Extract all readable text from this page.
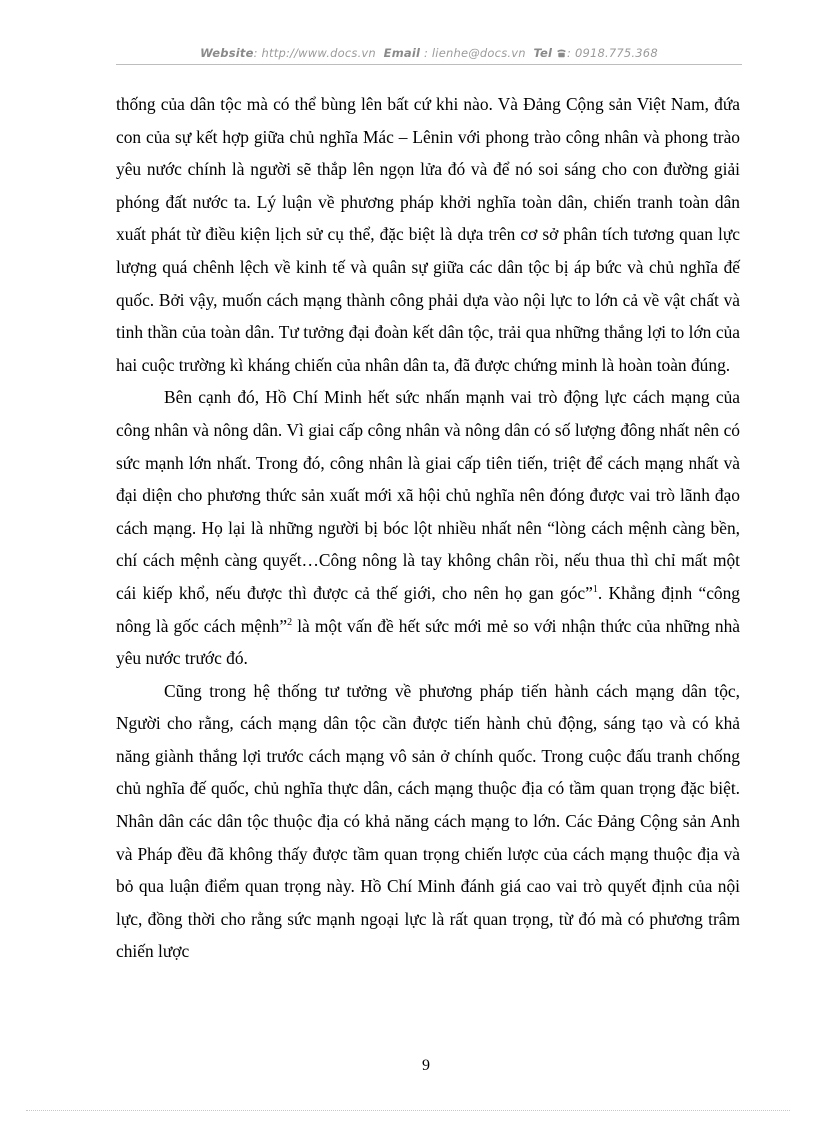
Website: http://www.docs.vn Email : lienhe@docs.vn Tel : 0918.775.368

thống của dân tộc mà có thể bùng lên bất cứ khi nào. Và Đảng Cộng sản Việt Nam, đứa con của sự kết hợp giữa chủ nghĩa Mác – Lênin với phong trào công nhân và phong trào yêu nước chính là người sẽ thắp lên ngọn lửa đó và để nó soi sáng cho con đường giải phóng đất nước ta. Lý luận về phương pháp khởi nghĩa toàn dân, chiến tranh toàn dân xuất phát từ điều kiện lịch sử cụ thể, đặc biệt là dựa trên cơ sở phân tích tương quan lực lượng quá chênh lệch về kinh tế và quân sự giữa các dân tộc bị áp bức và chủ nghĩa đế quốc. Bởi vậy, muốn cách mạng thành công phải dựa vào nội lực to lớn cả về vật chất và tinh thần của toàn dân. Tư tưởng đại đoàn kết dân tộc, trải qua những thắng lợi to lớn của hai cuộc trường kì kháng chiến của nhân dân ta, đã được chứng minh là hoàn toàn đúng.

Bên cạnh đó, Hồ Chí Minh hết sức nhấn mạnh vai trò động lực cách mạng của công nhân và nông dân. Vì giai cấp công nhân và nông dân có số lượng đông nhất nên có sức mạnh lớn nhất. Trong đó, công nhân là giai cấp tiên tiến, triệt để cách mạng nhất và đại diện cho phương thức sản xuất mới xã hội chủ nghĩa nên đóng được vai trò lãnh đạo cách mạng. Họ lại là những người bị bóc lột nhiều nhất nên “lòng cách mệnh càng bền, chí cách mệnh càng quyết…Công nông là tay không chân rồi, nếu thua thì chỉ mất một cái kiếp khổ, nếu được thì được cả thế giới, cho nên họ gan góc”$^1$. Khẳng định “công nông là gốc cách mệnh”$^2$ là một vấn đề hết sức mới mẻ so với nhận thức của những nhà yêu nước trước đó.

Cũng trong hệ thống tư tưởng về phương pháp tiến hành cách mạng dân tộc, Người cho rằng, cách mạng dân tộc cần được tiến hành chủ động, sáng tạo và có khả năng giành thắng lợi trước cách mạng vô sản ở chính quốc. Trong cuộc đấu tranh chống chủ nghĩa đế quốc, chủ nghĩa thực dân, cách mạng thuộc địa có tầm quan trọng đặc biệt. Nhân dân các dân tộc thuộc địa có khả năng cách mạng to lớn. Các Đảng Cộng sản Anh và Pháp đều đã không thấy được tầm quan trọng chiến lược của cách mạng thuộc địa và bỏ qua luận điểm quan trọng này. Hồ Chí Minh đánh giá cao vai trò quyết định của nội lực, đồng thời cho rằng sức mạnh ngoại lực là rất quan trọng, từ đó mà có phương trâm chiến lược

9
